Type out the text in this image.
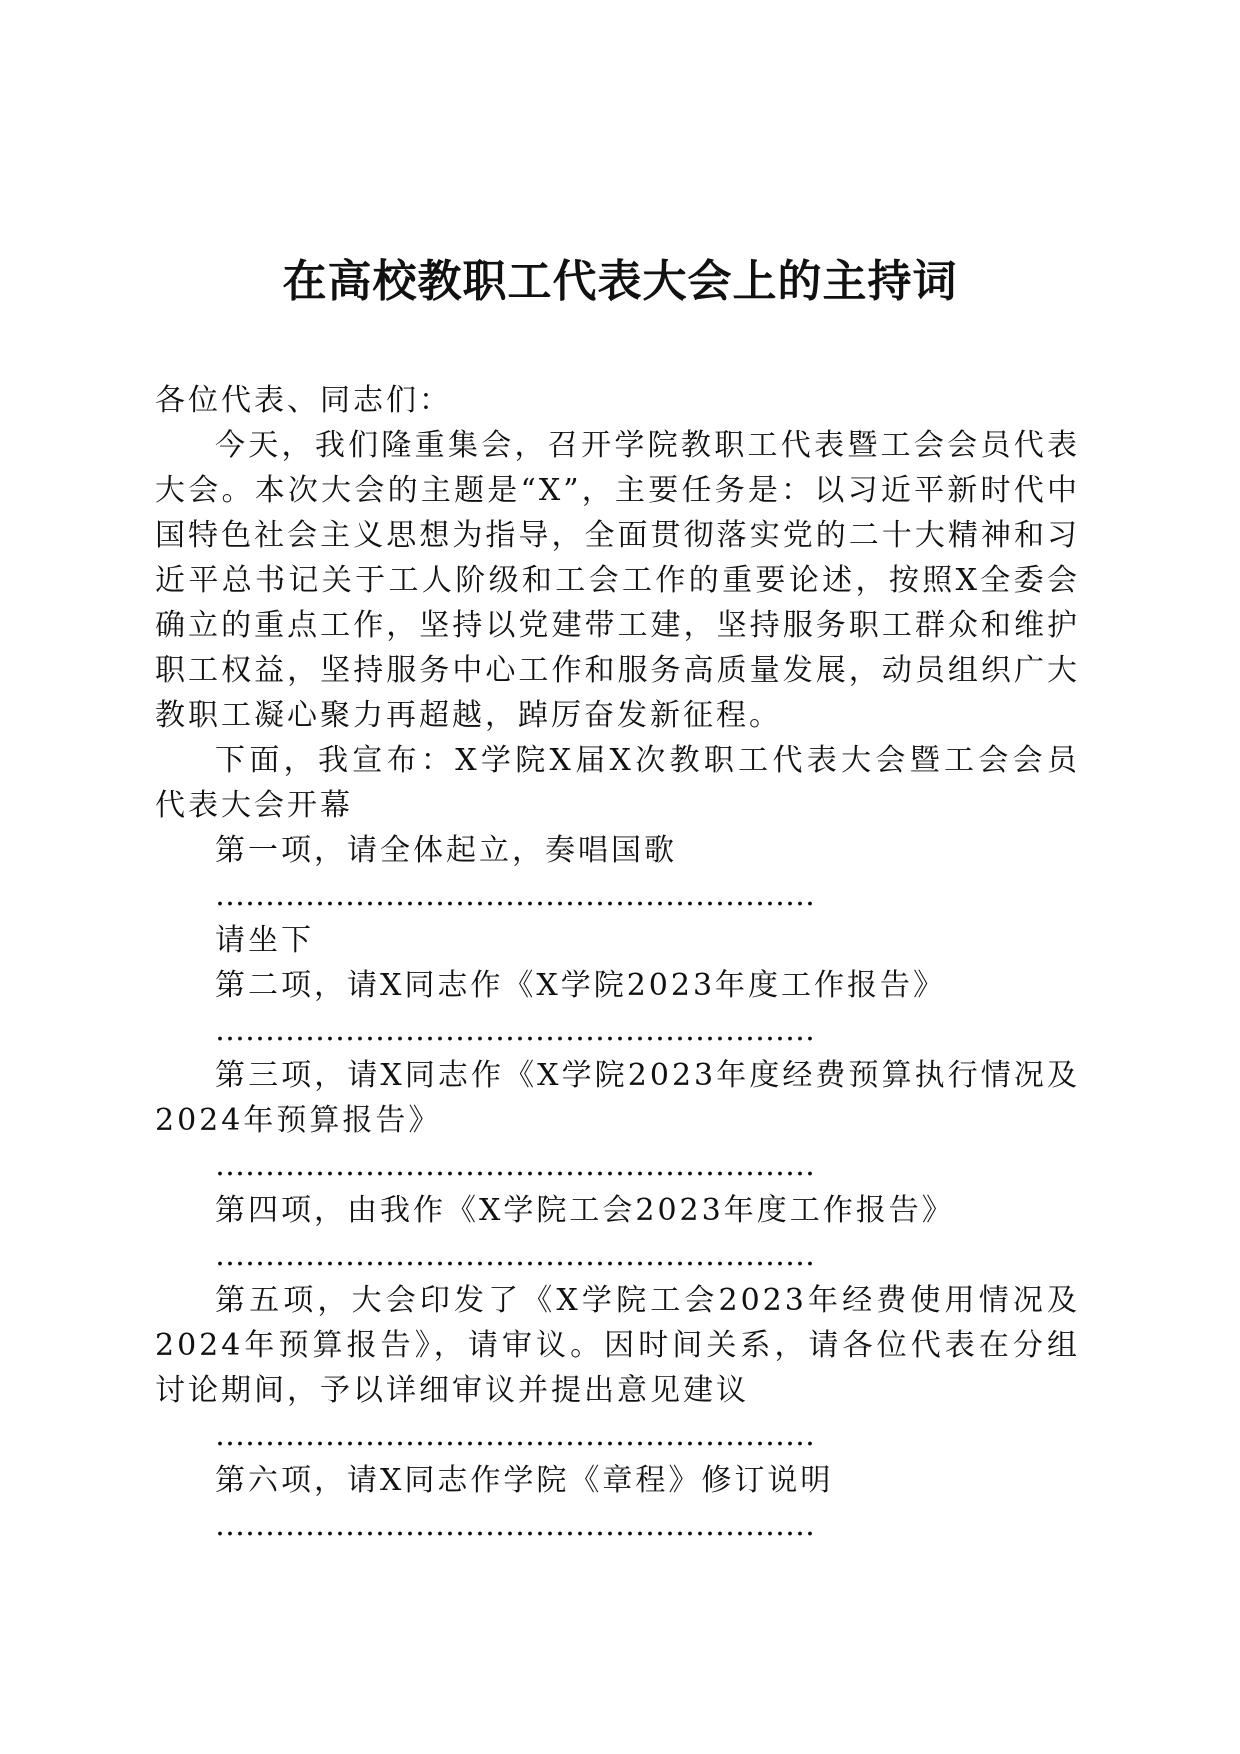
在高校教职工代表大会上的主持词

各位代表、同志们：

今天，我们隆重集会，召开学院教职工代表暨工会会员代表大会。本次大会的主题是“X”，主要任务是：以习近平新时代中国特色社会主义思想为指导，全面贯彻落实党的二十大精神和习近平总书记关于工人阶级和工会工作的重要论述，按照X全委会确立的重点工作，坚持以党建带工建，坚持服务职工群众和维护职工权益，坚持服务中心工作和服务高质量发展，动员组织广大教职工凝心聚力再超越，踔厉奋发新征程。

下面，我宣布：X学院X届X次教职工代表大会暨工会会员代表大会开幕

第一项，请全体起立，奏唱国歌

……………………………………………………

请坐下

第二项，请X同志作《X学院2023年度工作报告》

……………………………………………………

第三项，请X同志作《X学院2023年度经费预算执行情况及2024年预算报告》

……………………………………………………

第四项，由我作《X学院工会2023年度工作报告》

……………………………………………………

第五项，大会印发了《X学院工会2023年经费使用情况及2024年预算报告》，请审议。因时间关系，请各位代表在分组讨论期间，予以详细审议并提出意见建议

……………………………………………………

第六项，请X同志作学院《章程》修订说明

……………………………………………………
